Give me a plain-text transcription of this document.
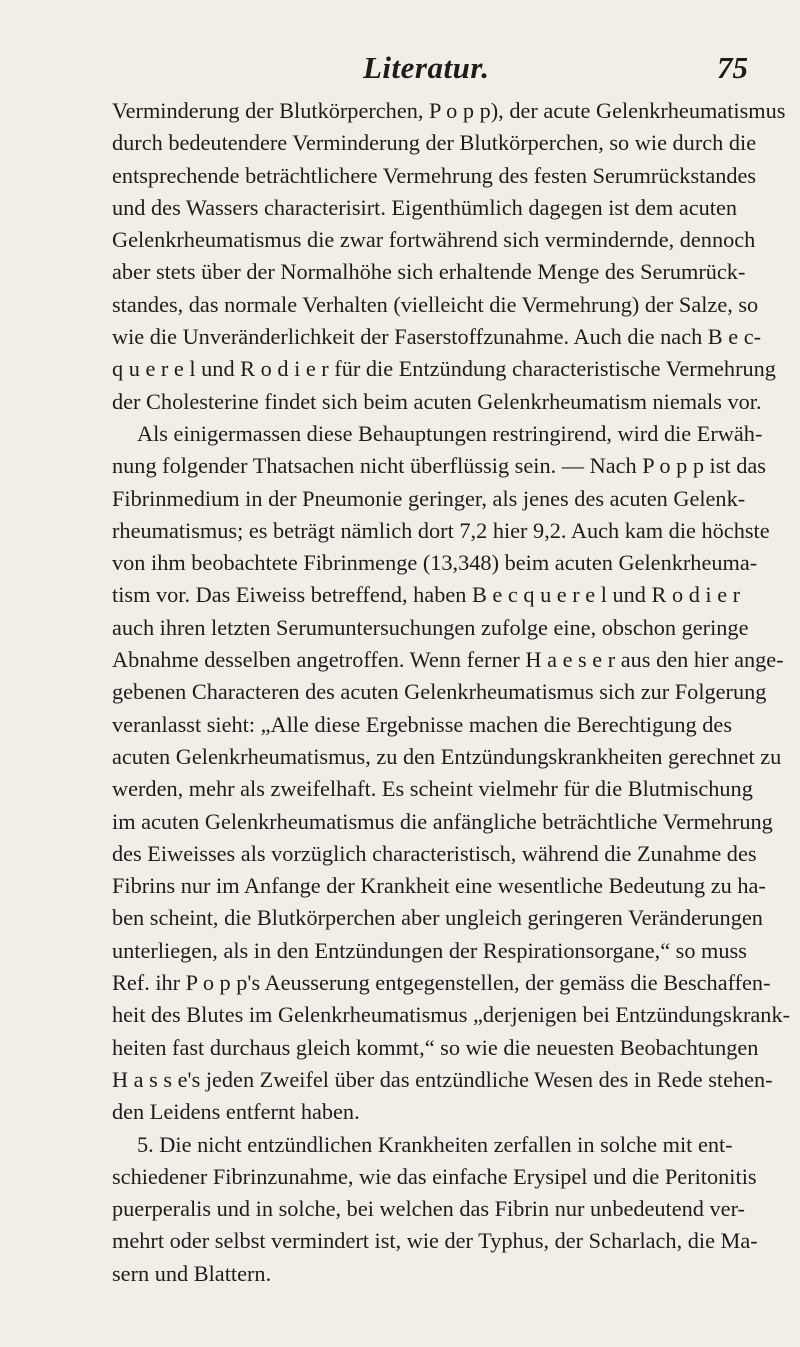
Literatur.	75
Verminderung der Blutkörperchen, P o p p), der acute Gelenkrheumatismus
durch bedeutendere Verminderung der Blutkörperchen, so wie durch die
entsprechende beträchtlichere Vermehrung des festen Serumrückstandes
und des Wassers characterisirt. Eigenthümlich dagegen ist dem acuten
Gelenkrheumatismus die zwar fortwährend sich vermindernde, dennoch
aber stets über der Normalhöhe sich erhaltende Menge des Serumrück-
standes, das normale Verhalten (vielleicht die Vermehrung) der Salze, so
wie die Unveränderlichkeit der Faserstoffzunahme. Auch die nach B e c-
q u e r e l und R o d i e r für die Entzündung characteristische Vermehrung
der Cholesterine findet sich beim acuten Gelenkrheumatism niemals vor.
Als einigermassen diese Behauptungen restringirend, wird die Erwäh-
nung folgender Thatsachen nicht überflüssig sein. — Nach P o p p ist das
Fibrinmedium in der Pneumonie geringer, als jenes des acuten Gelenk-
rheumatismus; es beträgt nämlich dort 7,2 hier 9,2. Auch kam die höchste
von ihm beobachtete Fibrinmenge (13,348) beim acuten Gelenkrheuma-
tism vor. Das Eiweiss betreffend, haben B e c q u e r e l und R o d i e r
auch ihren letzten Serumuntersuchungen zufolge eine, obschon geringe
Abnahme desselben angetroffen. Wenn ferner H a e s e r aus den hier ange-
gebenen Characteren des acuten Gelenkrheumatismus sich zur Folgerung
veranlasst sieht: „Alle diese Ergebnisse machen die Berechtigung des
acuten Gelenkrheumatismus, zu den Entzündungskrankheiten gerechnet zu
werden, mehr als zweifelhaft. Es scheint vielmehr für die Blutmischung
im acuten Gelenkrheumatismus die anfängliche beträchtliche Vermehrung
des Eiweisses als vorzüglich characteristisch, während die Zunahme des
Fibrins nur im Anfange der Krankheit eine wesentliche Bedeutung zu ha-
ben scheint, die Blutkörperchen aber ungleich geringeren Veränderungen
unterliegen, als in den Entzündungen der Respirationsorgane,“ so muss
Ref. ihr P o p p's Aeusserung entgegenstellen, der gemäss die Beschaffen-
heit des Blutes im Gelenkrheumatismus „derjenigen bei Entzündungskrank-
heiten fast durchaus gleich kommt,“ so wie die neuesten Beobachtungen
H a s s e's jeden Zweifel über das entzündliche Wesen des in Rede stehen-
den Leidens entfernt haben.
5. Die nicht entzündlichen Krankheiten zerfallen in solche mit ent-
schiedener Fibrinzunahme, wie das einfache Erysipel und die Peritonitis
puerperalis und in solche, bei welchen das Fibrin nur unbedeutend ver-
mehrt oder selbst vermindert ist, wie der Typhus, der Scharlach, die Ma-
sern und Blattern.
